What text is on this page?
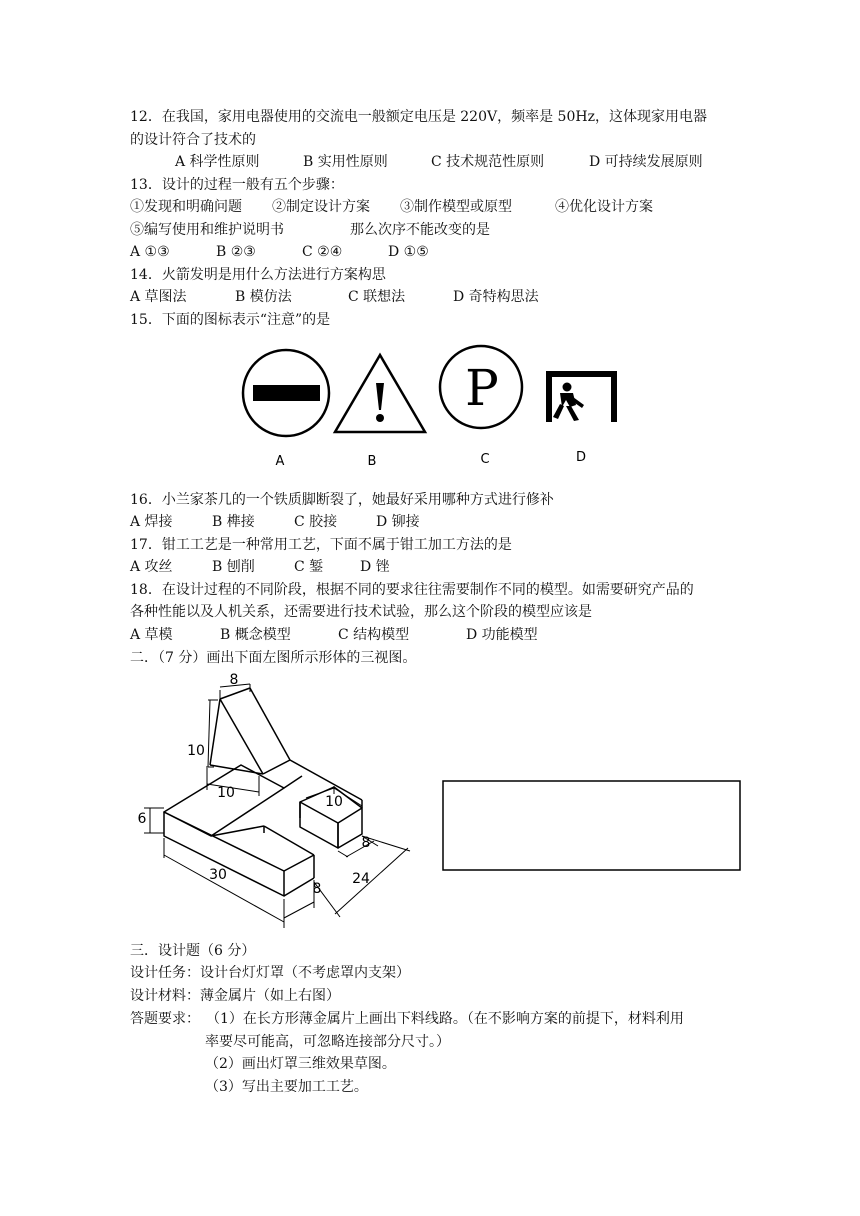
12．在我国，家用电器使用的交流电一般额定电压是 220V，频率是 50Hz，这体现家用电器
的设计符合了技术的
A 科学性原则	B 实用性原则	C 技术规范性原则	D 可持续发展原则
13．设计的过程一般有五个步骤：
①发现和明确问题 ②制定设计方案 ③制作模型或原型	④优化设计方案
⑤编写使用和维护说明书	那么次序不能改变的是
A ①③	B ②③	C ②④	D ①⑤
14．火箭发明是用什么方法进行方案构思
A 草图法	B 模仿法	C 联想法	D 奇特构思法
15．下面的图标表示“注意”的是
P
A	B	C	D
16．小兰家茶几的一个铁质脚断裂了，她最好采用哪种方式进行修补
A 焊接	B 榫接	C 胶接	D 铆接
17．钳工工艺是一种常用工艺，下面不属于钳工加工方法的是
A 攻丝	B 刨削	C 錾	D 锉
18．在设计过程的不同阶段，根据不同的要求往往需要制作不同的模型。如需要研究产品的
各种性能以及人机关系，还需要进行技术试验，那么这个阶段的模型应该是
A 草模	B 概念模型	C 结构模型	D 功能模型
二．（7 分）画出下面左图所示形体的三视图。
8
10
10
10
6
8
30
8
24
三．设计题（6 分）
设计任务：设计台灯灯罩（不考虑罩内支架）
设计材料：薄金属片（如上右图）
答题要求： （1）在长方形薄金属片上画出下料线路。（在不影响方案的前提下，材料利用
率要尽可能高，可忽略连接部分尺寸。）
（2）画出灯罩三维效果草图。
（3）写出主要加工工艺。
